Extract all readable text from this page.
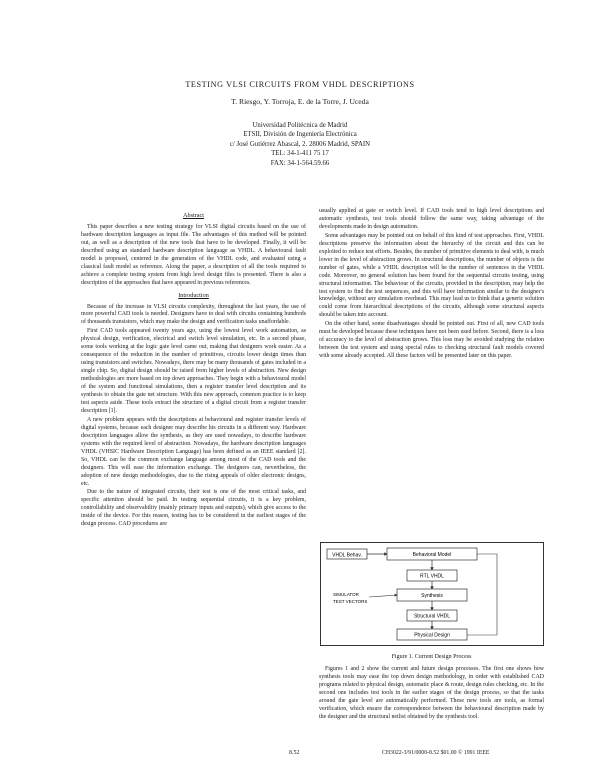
TESTING VLSI CIRCUITS FROM VHDL DESCRIPTIONS
T. Riesgo, Y. Torroja, E. de la Torre, J. Uceda
Universidad Politécnica de Madrid
ETSII, División de Ingeniería Electrónica
c/ José Gutiérrez Abascal, 2. 28006 Madrid, SPAIN
TEL: 34-1-411 75 17
FAX: 34-1-564.59.66
Abstract

This paper describes a new testing strategy for VLSI digital circuits based on the use of hardware description languages as input file. The advantages of this method will be pointed out, as well as a description of the new tools that have to be developed. Finally, it will be described using an standard hardware description language as VHDL. A behavioural fault model is proposed, centered in the generation of the VHDL code, and evaluated using a classical fault model as reference. Along the paper, a description of all the tools required to achieve a complete testing system from high level design files is presented. There is also a description of the approaches that have appeared in previous references.

Introduction

Because of the increase in VLSI circuits complexity, throughout the last years, the use of more powerful CAD tools is needed. Designers have to deal with circuits containing hundreds of thousands transistors, which may make the design and verification tasks unaffordable.

First CAD tools appeared twenty years ago, using the lowest level work automation, as physical design, verification, electrical and switch level simulation, etc. In a second phase, some tools working at the logic gate level came out, making that designers work easier. As a consequence of the reduction in the number of primitives, circuits lower design times than using transistors and switches. Nowadays, there may be many thousands of gates included in a single chip. So, digital design should be raised from higher levels of abstraction. New design methodologies are more based on top down approaches. They begin with a behavioural model of the system and functional simulations, then a register transfer level description and its synthesis to obtain the gate net structure. With this new approach, common practice is to keep test aspects aside. These tools extract the structure of a digital circuit from a register transfer description [1].

A new problem appears with the descriptions at behavioural and register transfer levels of digital systems, because each designer may describe his circuits in a different way. Hardware description languages allow the synthesis, as they are used nowadays, to describe hardware systems with the required level of abstraction. Nowadays, the hardware description languages VHDL (VHSIC Hardware Description Language) has been defined as an IEEE standard [2]. So, VHDL can be the common exchange language among most of the CAD tools and the designers. This will ease the information exchange. The designers can, nevertheless, the adoption of new design methodologies, due to the rising appeals of older electronic designs, etc.

Due to the nature of integrated circuits, their test is one of the most critical tasks, and specific attention should be paid. In testing sequential circuits, it is a key problem, controllability and observability (mainly primary inputs and outputs), which give access to the inside of the device. For this reason, testing has to be considered in the earliest stages of the design process. CAD procedures are

usually applied at gate or switch level. If CAD tools tend to high level descriptions and automatic synthesis, test tools should follow the same way, taking advantage of the developments made in design automation.

Some advantages may be pointed out on behalf of this kind of test approaches. First, VHDL descriptions preserve the information about the hierarchy of the circuit and this can be exploited to reduce test efforts. Besides, the number of primitive elements to deal with, is much lower in the level of abstraction grows. In structural descriptions, the number of objects is the number of gates, while a VHDL description will be the number of sentences in the VHDL code. Moreover, no general solution has been found for the sequential circuits testing, using structural information. The behaviour of the circuits, provided in the description, may help the test system to find the test sequences, and this will have information similar to the designer's knowledge, without any simulation overhead. This may lead us to think that a generic solution could come from hierarchical descriptions of the circuits, although some structural aspects should be taken into account.

On the other hand, some disadvantages should be pointed out. First of all, new CAD tools must be developed because these techniques have not been used before. Second, there is a loss of accuracy to the level of abstraction grows. This loss may be avoided studying the relation between the test system and using special rules to checking structural fault models covered with some already accepted. All these factors will be presented later on this paper.

VHDL Behav.	Behavioral Model
RTL VHDL
Synthesis
SIMULATOR
TEST VECTORS
Structural VHDL
Physical Design
Figure 1. Current Design Process

Figures 1 and 2 show the current and future design processes. The first one shows how synthesis tools may ease the top down design methodology, in order with established CAD programs related to physical design, automatic place & route, design rules checking, etc. In the second one includes test tools in the earlier stages of the design process, so that the tasks around the gate level are automatically performed. These new tools are tools, as formal verification, which ensure the correspondence between the behavioural description made by the designer and the structural netlist obtained by the synthesis tool.

8.52	CH3022-3/91/0000-8.52 $01.00 © 1991 IEEE
